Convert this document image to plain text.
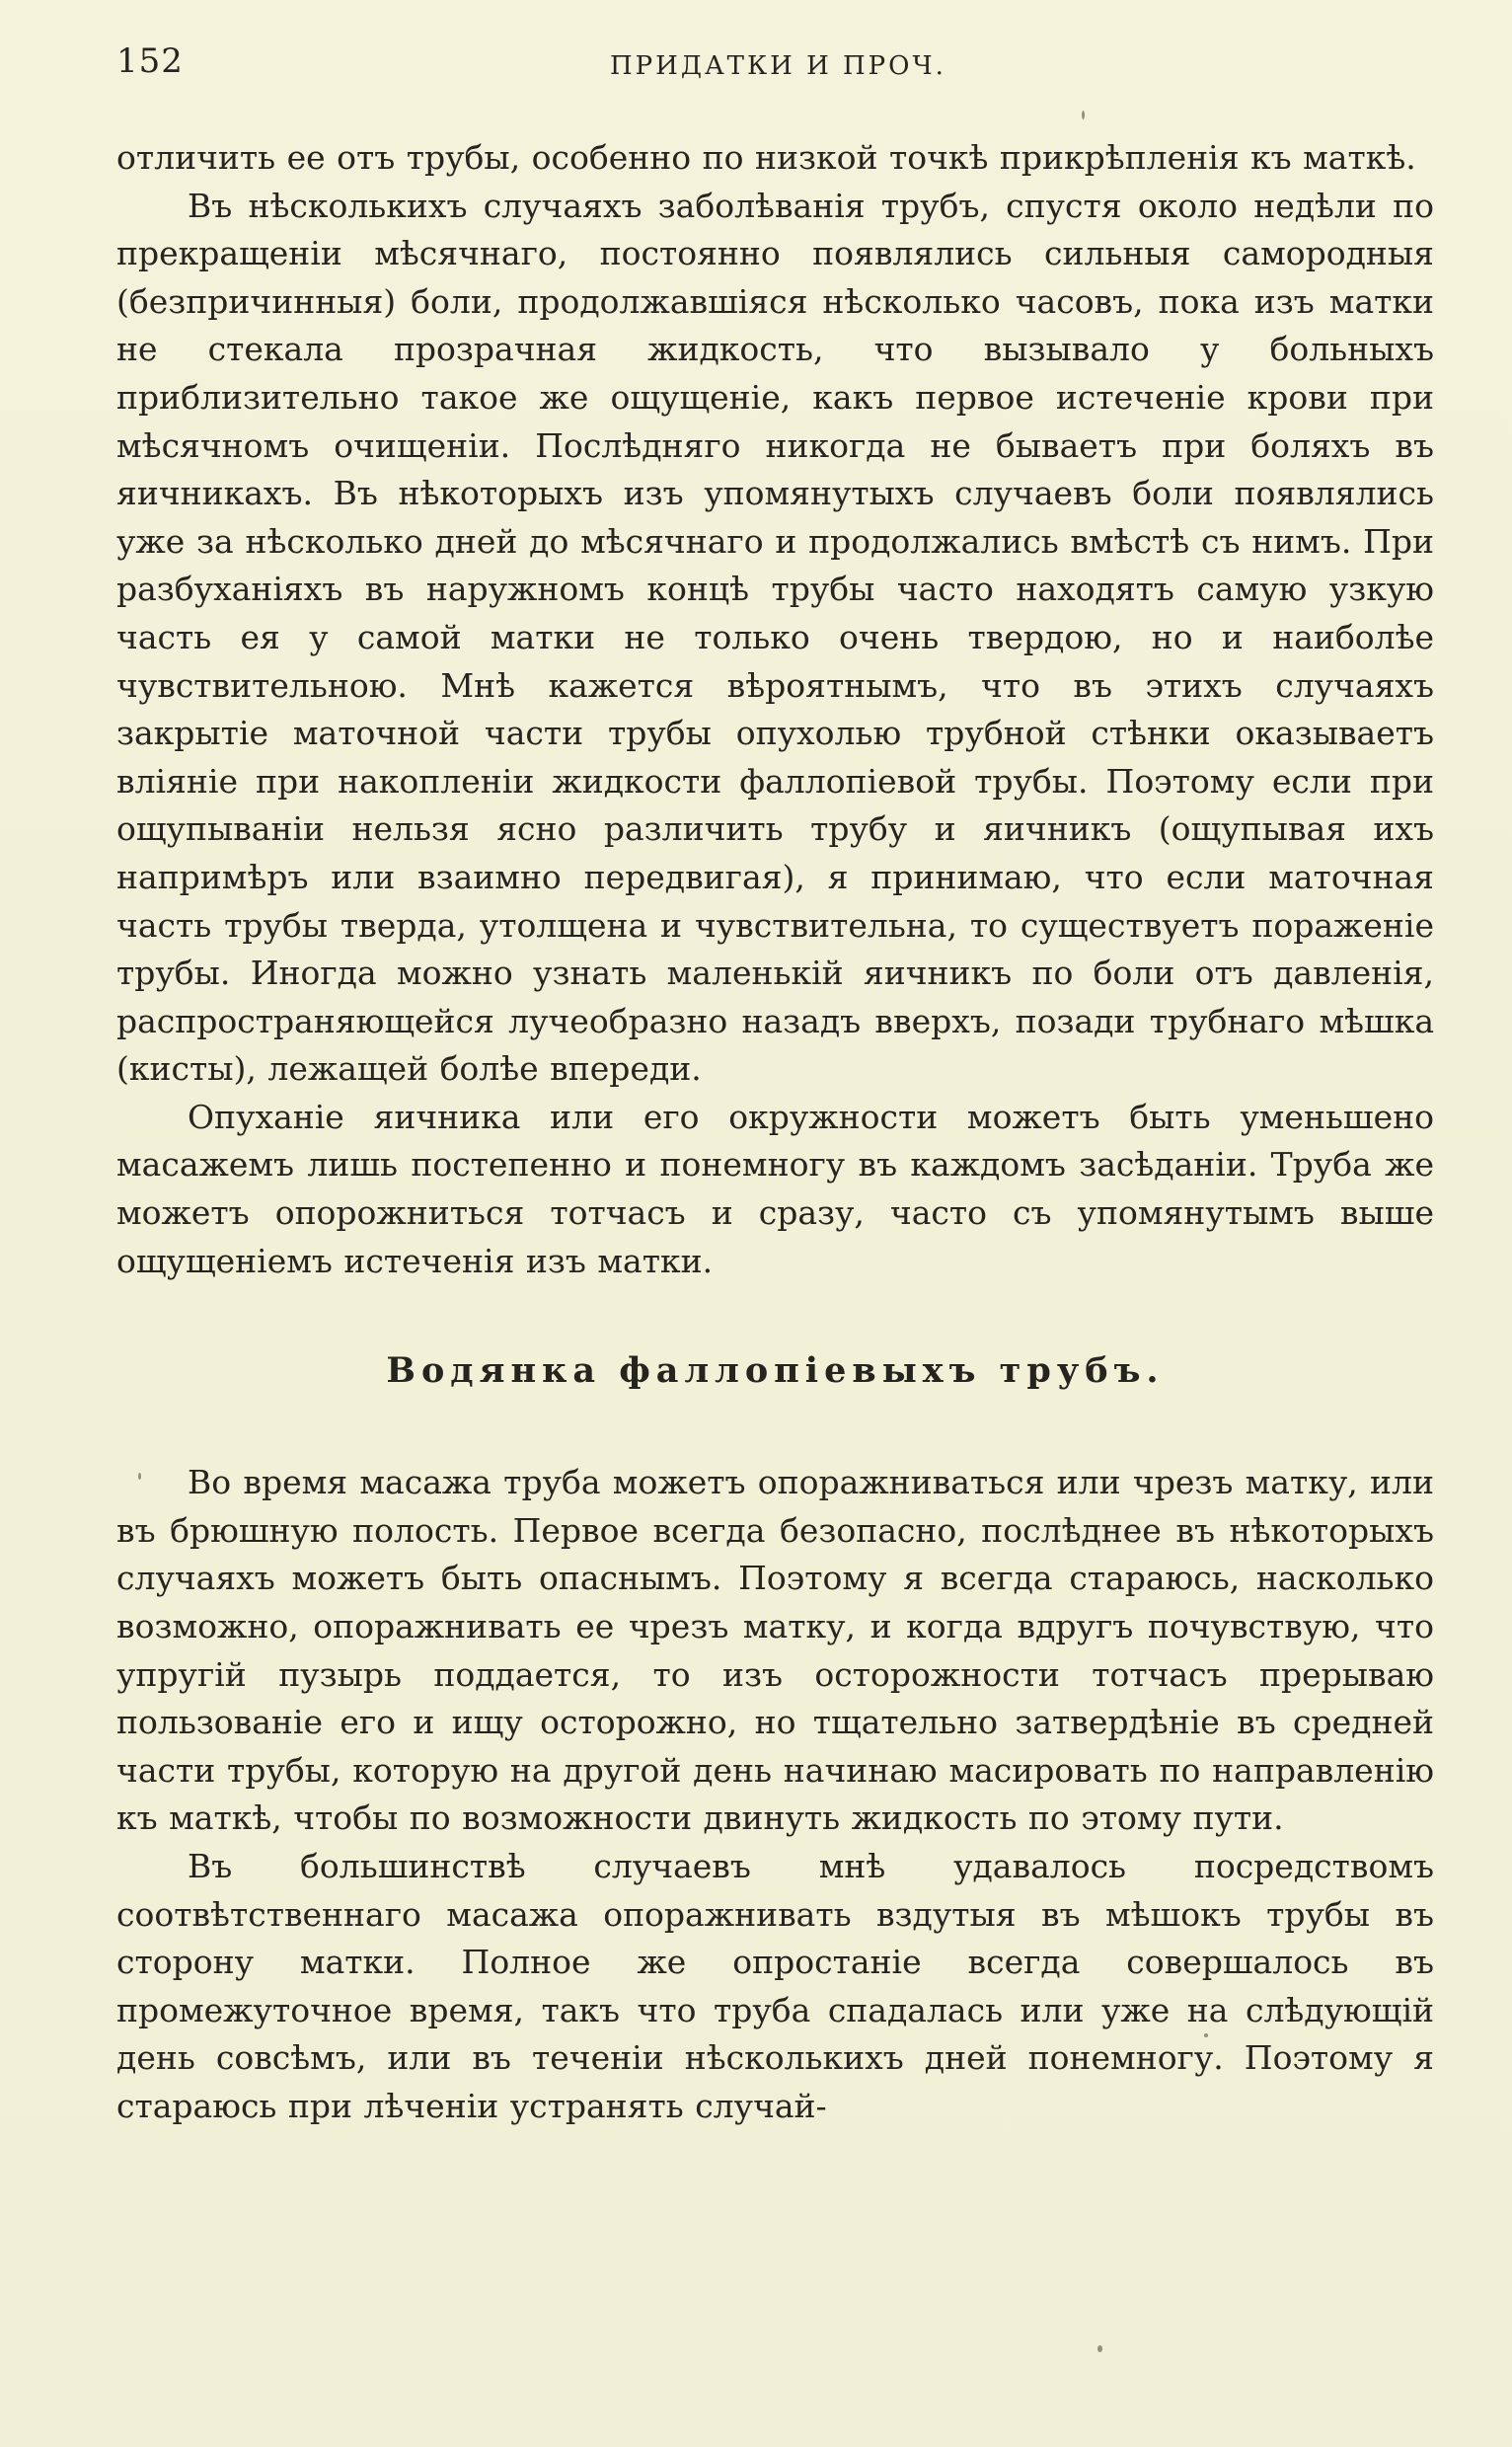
152	ПРИДАТКИ И ПРОЧ.

отличить ее отъ трубы, особенно по низкой точкѣ прикрѣпленія къ маткѣ.

Въ нѣсколькихъ случаяхъ заболѣванія трубъ, спустя около недѣли по прекращеніи мѣсячнаго, постоянно появлялись сильныя самородныя (безпричинныя) боли, продолжавшіяся нѣсколько часовъ, пока изъ матки не стекала прозрачная жидкость, что вызывало у больныхъ приблизительно такое же ощущеніе, какъ первое истеченіе крови при мѣсячномъ очищеніи. Послѣдняго никогда не бываетъ при боляхъ въ яичникахъ. Въ нѣкоторыхъ изъ упомянутыхъ случаевъ боли появлялись уже за нѣсколько дней до мѣсячнаго и продолжались вмѣстѣ съ нимъ. При разбуханіяхъ въ наружномъ концѣ трубы часто находятъ самую узкую часть ея у самой матки не только очень твердою, но и наиболѣе чувствительною. Мнѣ кажется вѣроятнымъ, что въ этихъ случаяхъ закрытіе маточной части трубы опухолью трубной стѣнки оказываетъ вліяніе при накопленіи жидкости фаллопіевой трубы. Поэтому если при ощупываніи нельзя ясно различить трубу и яичникъ (ощупывая ихъ напримѣръ или взаимно передвигая), я принимаю, что если маточная часть трубы тверда, утолщена и чувствительна, то существуетъ пораженіе трубы. Иногда можно узнать маленькій яичникъ по боли отъ давленія, распространяющейся лучеобразно назадъ вверхъ, позади трубнаго мѣшка (кисты), лежащей болѣе впереди.

Опуханіе яичника или его окружности можетъ быть уменьшено масажемъ лишь постепенно и понемногу въ каждомъ засѣданіи. Труба же можетъ опорожниться тотчасъ и сразу, часто съ упомянутымъ выше ощущеніемъ истеченія изъ матки.

Водянка фаллопіевыхъ трубъ.

Во время масажа труба можетъ опоражниваться или чрезъ матку, или въ брюшную полость. Первое всегда безопасно, послѣднее въ нѣкоторыхъ случаяхъ можетъ быть опаснымъ. Поэтому я всегда стараюсь, насколько возможно, опоражнивать ее чрезъ матку, и когда вдругъ почувствую, что упругій пузырь поддается, то изъ осторожности тотчасъ прерываю пользованіе его и ищу осторожно, но тщательно затвердѣніе въ средней части трубы, которую на другой день начинаю масировать по направленію къ маткѣ, чтобы по возможности двинуть жидкость по этому пути.

Въ большинствѣ случаевъ мнѣ удавалось посредствомъ соотвѣтственнаго масажа опоражнивать вздутыя въ мѣшокъ трубы въ сторону матки. Полное же опростаніе всегда совершалось въ промежуточное время, такъ что труба спадалась или уже на слѣдующій день совсѣмъ, или въ теченіи нѣсколькихъ дней понемногу. Поэтому я стараюсь при лѣченіи устранять случай-
